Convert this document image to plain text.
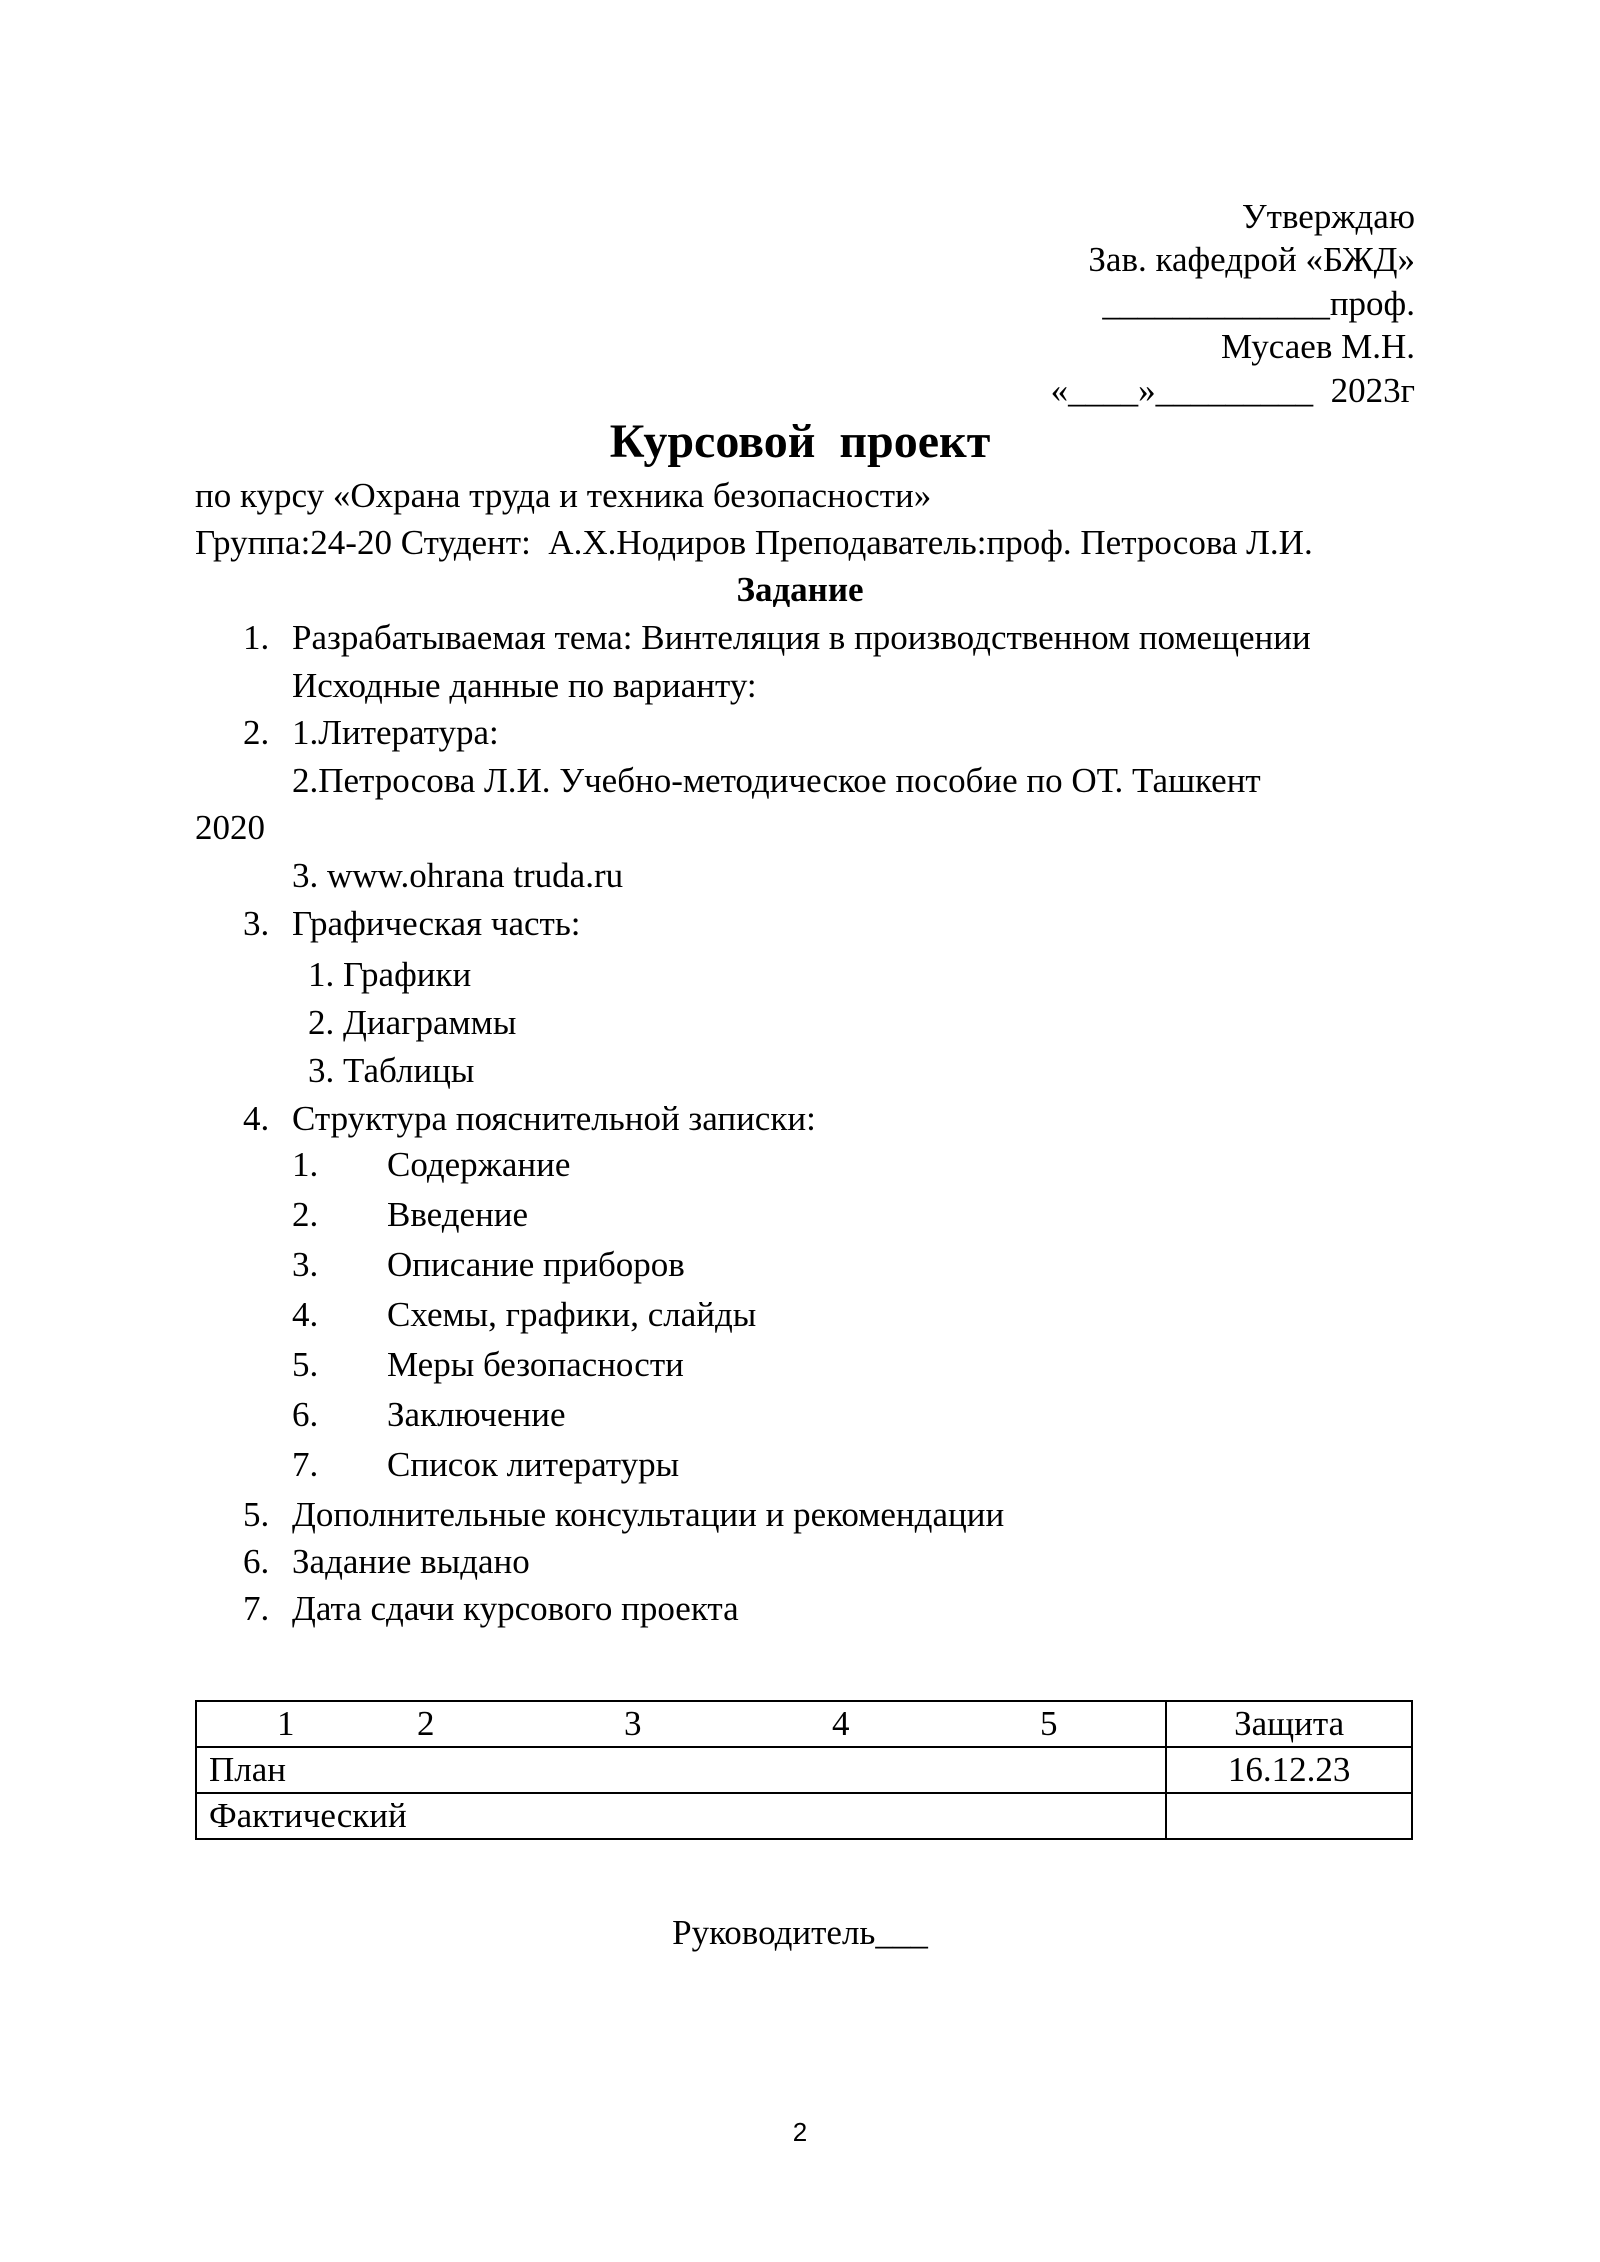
Утверждаю
Зав. кафедрой «БЖД»
_____________проф.
Мусаев М.Н.
«____»_________  2023г
Курсовой  проект
по курсу «Охрана труда и техника безопасности»
Группа:24-20 Студент:  А.Х.Нодиров Преподаватель:проф. Петросова Л.И.
Задание
1. Разрабатываемая тема: Винтеляция в производственном помещении
Исходные данные по варианту:
2. 1.Литература:
2.Петросова Л.И. Учебно-методическое пособие по ОТ. Ташкент
2020
3. www.ohrana truda.ru
3. Графическая часть:
1. Графики
2. Диаграммы
3. Таблицы
4. Структура пояснительной записки:
1. Содержание
2. Введение
3. Описание приборов
4. Схемы, графики, слайды
5. Меры безопасности
6. Заключение
7. Список литературы
5. Дополнительные консультации и рекомендации
6. Задание выдано
7. Дата сдачи курсового проекта
1 2 3 4 5	Защита
План	16.12.23
Фактический	
Руководитель___
2
